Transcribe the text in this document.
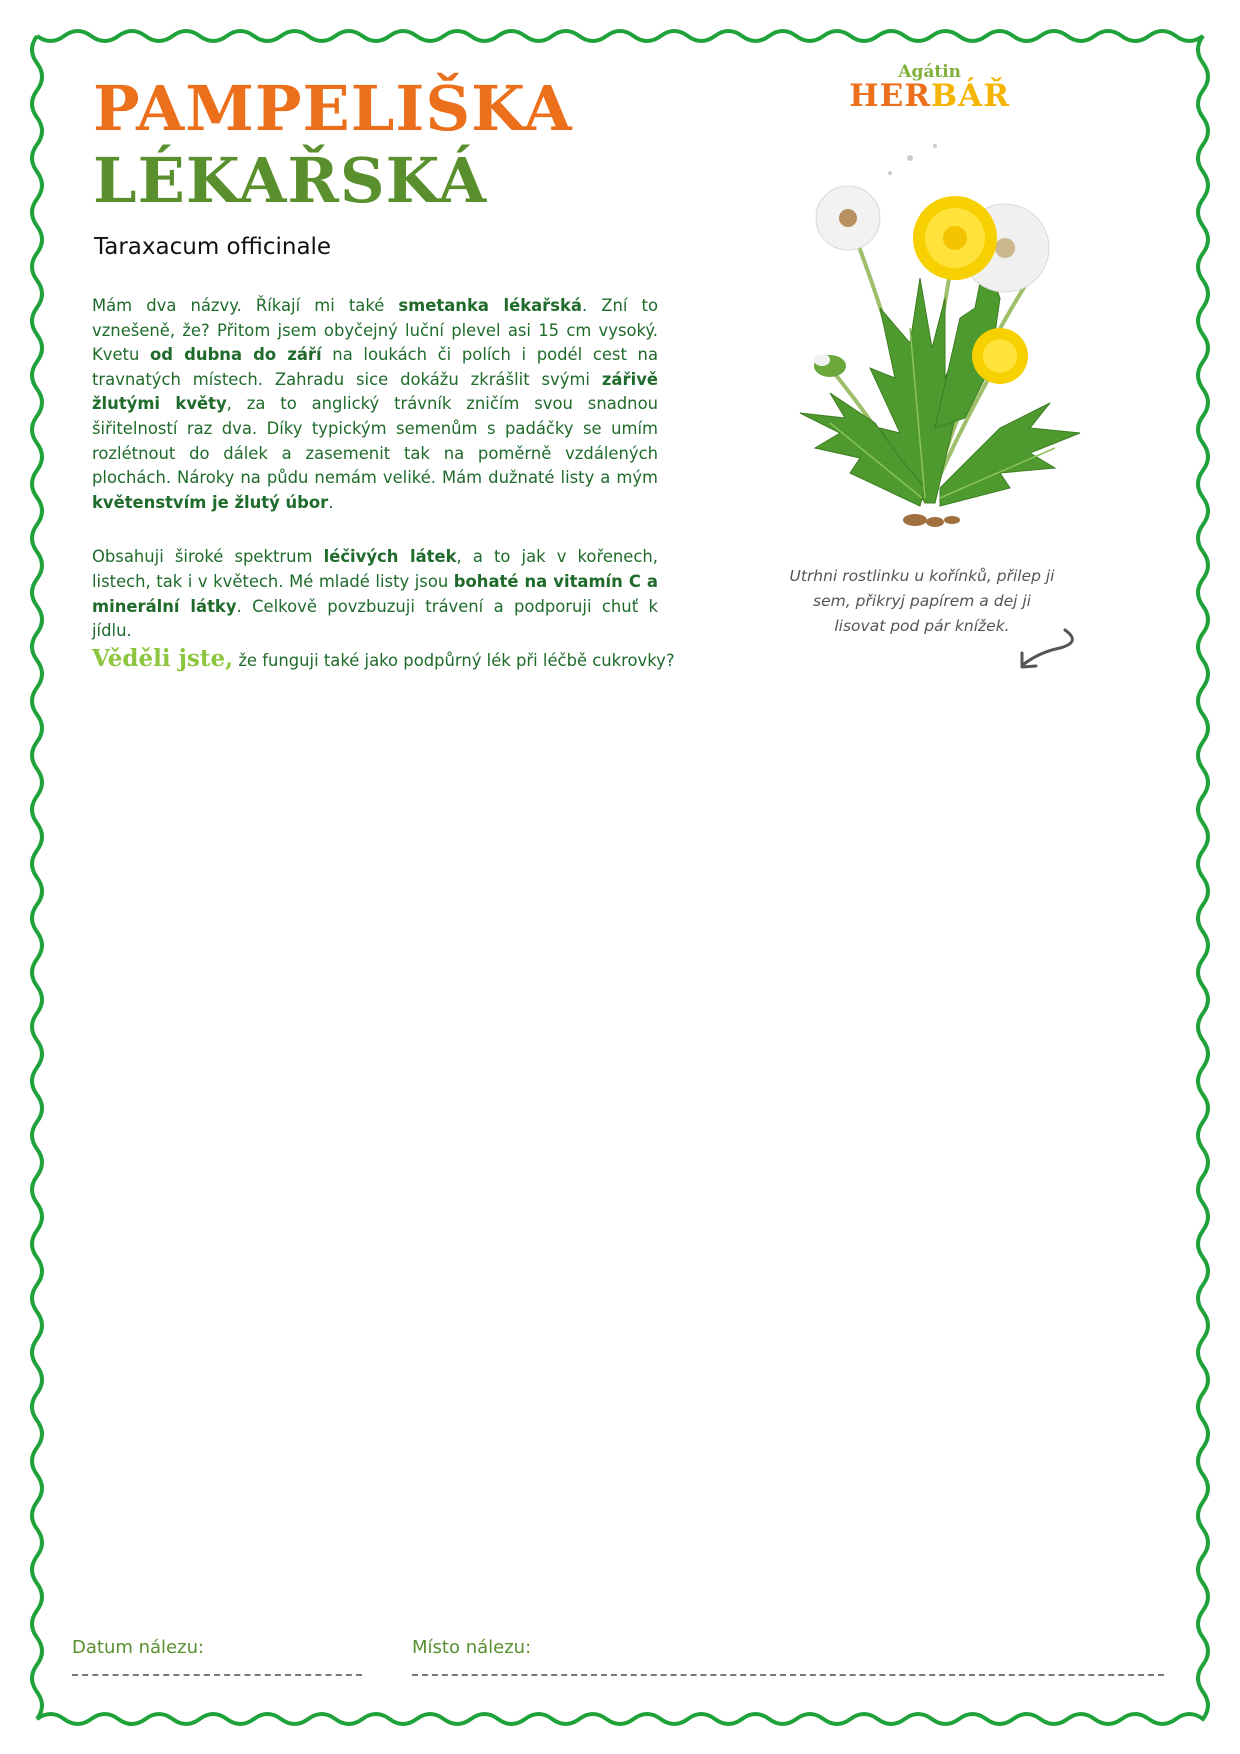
Agátin
HERBÁŘ
PAMPELIŠKA
LÉKAŘSKÁ
Taraxacum officinale

Mám dva názvy. Říkají mi také smetanka lékařská. Zní to vznešeně, že? Přitom jsem obyčejný luční plevel asi 15 cm vysoký. Kvetu od dubna do září na loukách či polích i podél cest na travnatých místech. Zahradu sice dokážu zkrášlit svými zářivě žlutými květy, za to anglický trávník zničím svou snadnou šiřitelností raz dva. Díky typickým semenům s padáčky se umím rozlétnout do dálek a zasemenit tak na poměrně vzdálených plochách. Nároky na půdu nemám veliké. Mám dužnaté listy a mým květenstvím je žlutý úbor.

Obsahuji široké spektrum léčivých látek, a to jak v kořenech, listech, tak i v květech. Mé mladé listy jsou bohaté na vitamín C a minerální látky. Celkově povzbuzuji trávení a podporuji chuť k jídlu.

Věděli jste, že funguji také jako podpůrný lék při léčbě cukrovky?
Utrhni rostlinku u kořínků, přilep ji
sem, přikryj papírem a dej ji
lisovat pod pár knížek.
Datum nálezu:	Místo nálezu:
